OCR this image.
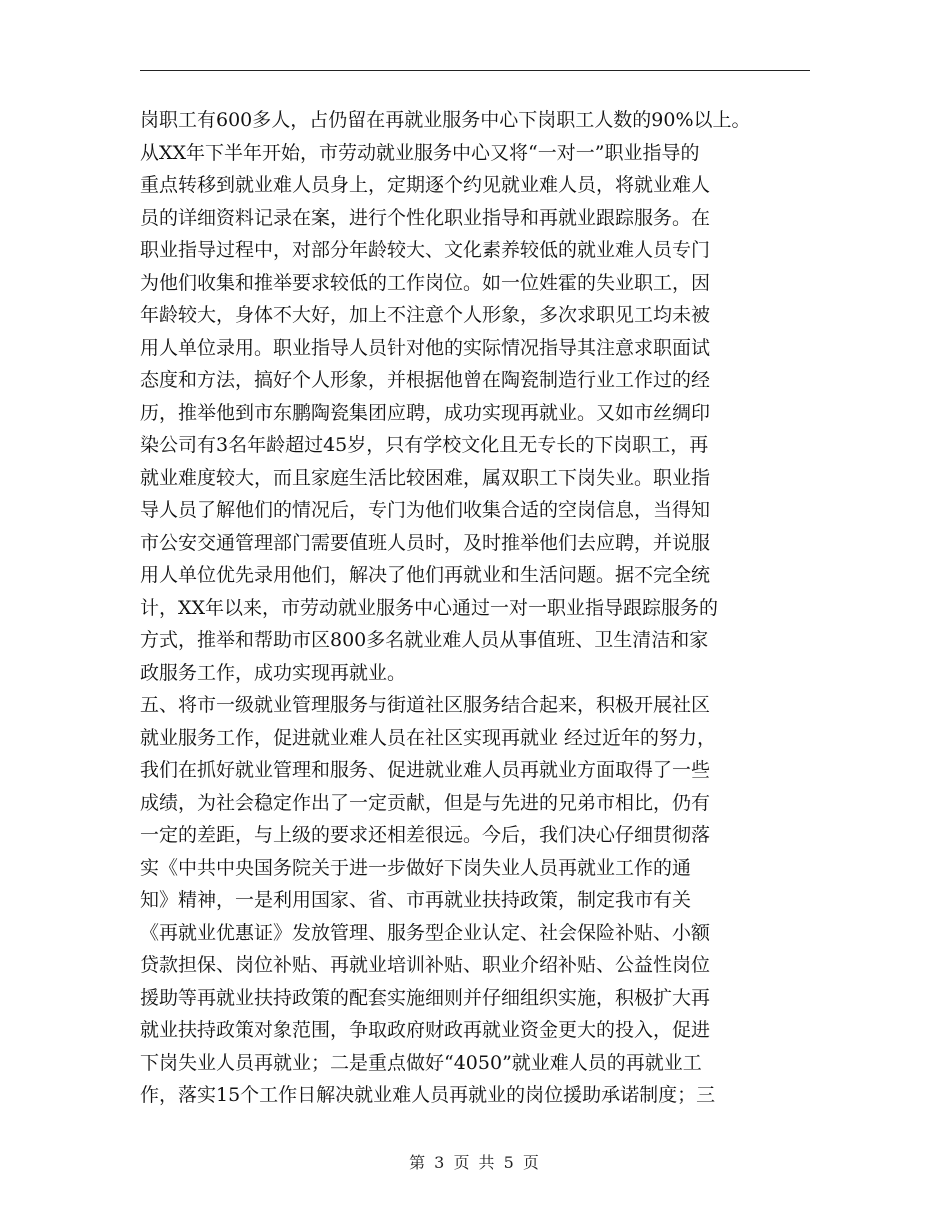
岗职工有600多人，占仍留在再就业服务中心下岗职工人数的90%以上。
从XX年下半年开始，市劳动就业服务中心又将“一对一”职业指导的
重点转移到就业难人员身上，定期逐个约见就业难人员，将就业难人
员的详细资料记录在案，进行个性化职业指导和再就业跟踪服务。在
职业指导过程中，对部分年龄较大、文化素养较低的就业难人员专门
为他们收集和推举要求较低的工作岗位。如一位姓霍的失业职工，因
年龄较大，身体不大好，加上不注意个人形象，多次求职见工均未被
用人单位录用。职业指导人员针对他的实际情况指导其注意求职面试
态度和方法，搞好个人形象，并根据他曾在陶瓷制造行业工作过的经
历，推举他到市东鹏陶瓷集团应聘，成功实现再就业。又如市丝绸印
染公司有3名年龄超过45岁，只有学校文化且无专长的下岗职工，再
就业难度较大，而且家庭生活比较困难，属双职工下岗失业。职业指
导人员了解他们的情况后，专门为他们收集合适的空岗信息，当得知
市公安交通管理部门需要值班人员时，及时推举他们去应聘，并说服
用人单位优先录用他们，解决了他们再就业和生活问题。据不完全统
计，XX年以来，市劳动就业服务中心通过一对一职业指导跟踪服务的
方式，推举和帮助市区800多名就业难人员从事值班、卫生清洁和家
政服务工作，成功实现再就业。
五、将市一级就业管理服务与街道社区服务结合起来，积极开展社区
就业服务工作，促进就业难人员在社区实现再就业 经过近年的努力，
我们在抓好就业管理和服务、促进就业难人员再就业方面取得了一些
成绩，为社会稳定作出了一定贡献，但是与先进的兄弟市相比，仍有
一定的差距，与上级的要求还相差很远。今后，我们决心仔细贯彻落
实《中共中央国务院关于进一步做好下岗失业人员再就业工作的通
知》精神，一是利用国家、省、市再就业扶持政策，制定我市有关
《再就业优惠证》发放管理、服务型企业认定、社会保险补贴、小额
贷款担保、岗位补贴、再就业培训补贴、职业介绍补贴、公益性岗位
援助等再就业扶持政策的配套实施细则并仔细组织实施，积极扩大再
就业扶持政策对象范围，争取政府财政再就业资金更大的投入，促进
下岗失业人员再就业；二是重点做好“4050”就业难人员的再就业工
作，落实15个工作日解决就业难人员再就业的岗位援助承诺制度；三
第 3 页 共 5 页
